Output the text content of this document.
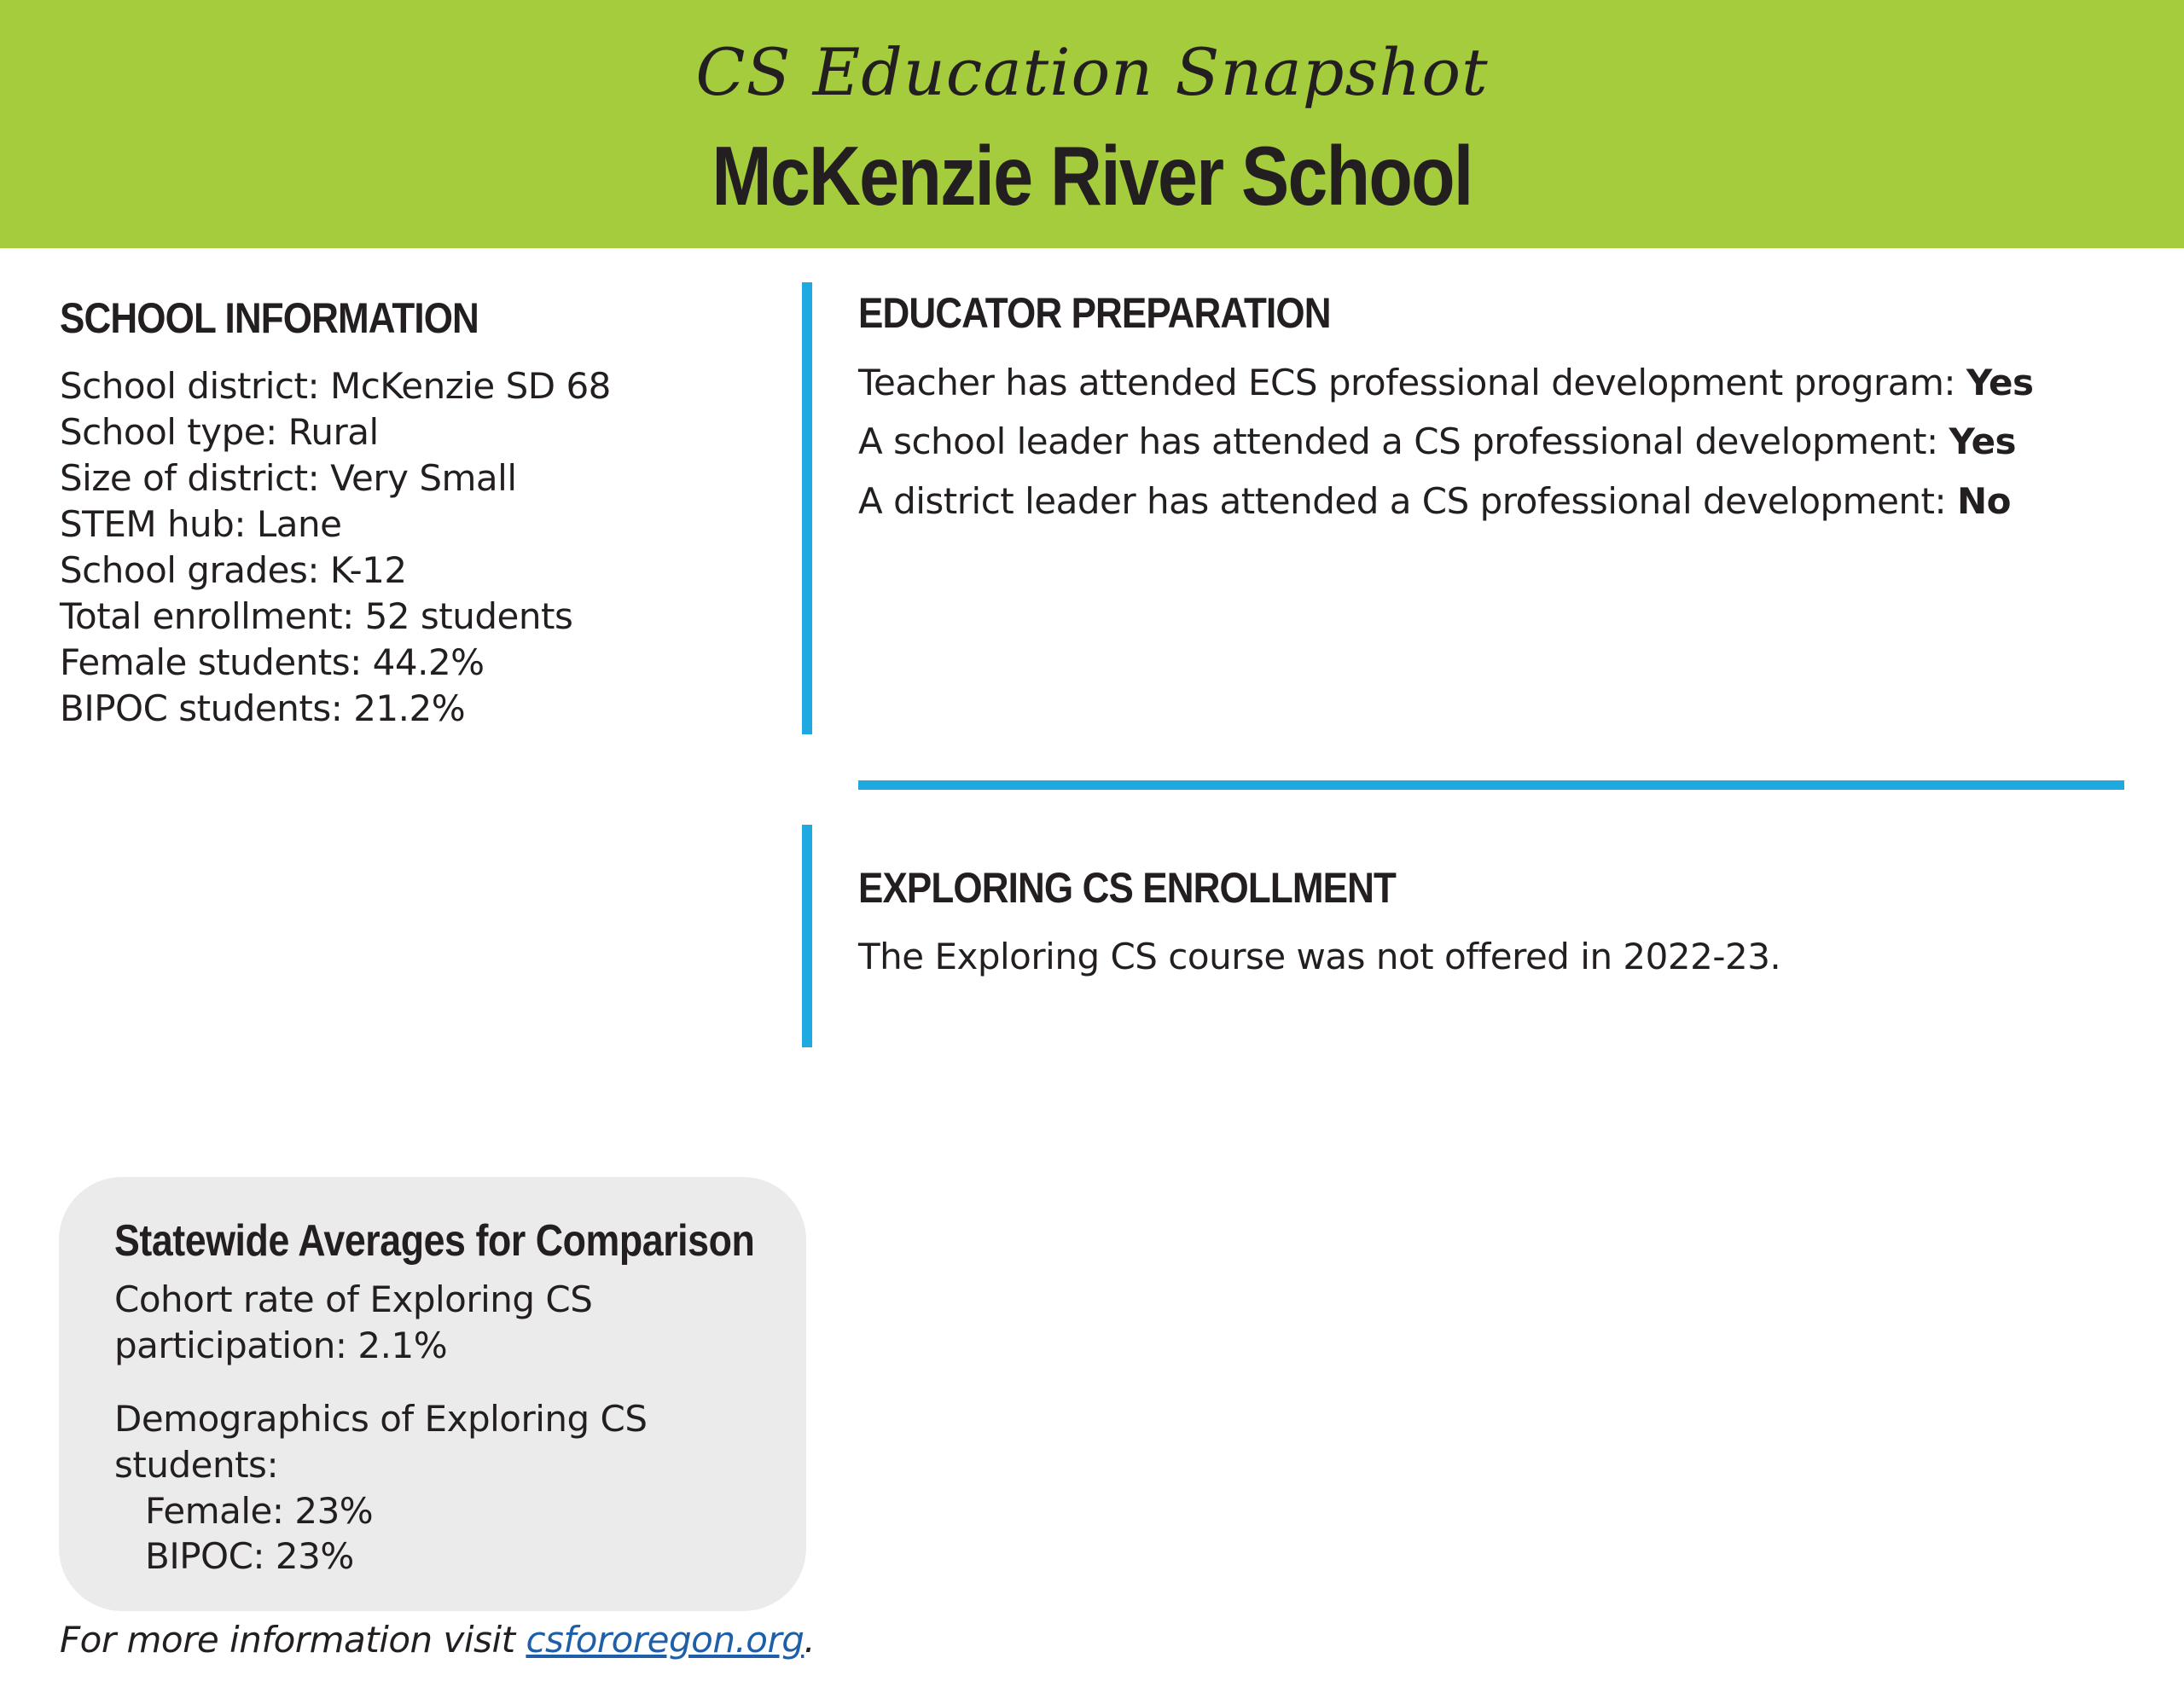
CS Education Snapshot
McKenzie River School
SCHOOL INFORMATION
School district: McKenzie SD 68
School type: Rural
Size of district: Very Small
STEM hub: Lane
School grades: K-12
Total enrollment: 52 students
Female students: 44.2%
BIPOC students: 21.2%
EDUCATOR PREPARATION
Teacher has attended ECS professional development program: Yes
A school leader has attended a CS professional development: Yes
A district leader has attended a CS professional development: No
EXPLORING CS ENROLLMENT
The Exploring CS course was not offered in 2022-23.
Statewide Averages for Comparison
Cohort rate of Exploring CS
participation: 2.1%
Demographics of Exploring CS
students:
Female: 23%
BIPOC: 23%
For more information visit csfororegon.org.
